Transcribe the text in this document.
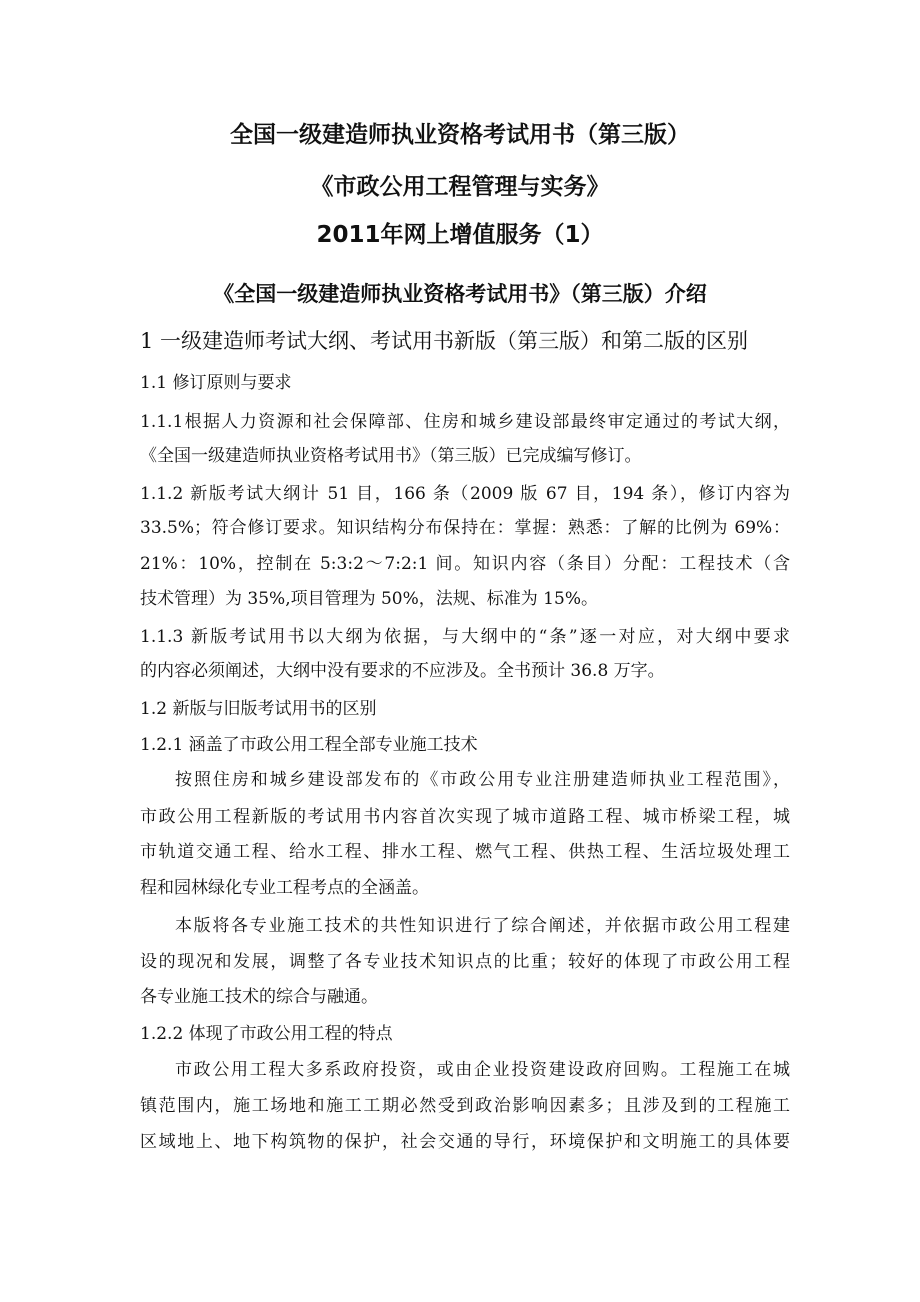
全国一级建造师执业资格考试用书（第三版）
《市政公用工程管理与实务》
2011年网上增值服务（1）
《全国一级建造师执业资格考试用书》（第三版）介绍

1 一级建造师考试大纲、考试用书新版（第三版）和第二版的区别

1.1 修订原则与要求

1.1.1根据人力资源和社会保障部、住房和城乡建设部最终审定通过的考试大纲，

《全国一级建造师执业资格考试用书》（第三版）已完成编写修订。

1.1.2 新版考试大纲计 51 目，166 条（2009 版 67 目，194 条），修订内容为

33.5%；符合修订要求。知识结构分布保持在：掌握：熟悉：了解的比例为 69%：

21%：10%，控制在 5:3:2～7:2:1 间。知识内容（条目）分配：工程技术（含

技术管理）为 35%,项目管理为 50%，法规、标准为 15%。

1.1.3 新版考试用书以大纲为依据，与大纲中的“条”逐一对应，对大纲中要求

的内容必须阐述，大纲中没有要求的不应涉及。全书预计 36.8 万字。

1.2 新版与旧版考试用书的区别

1.2.1 涵盖了市政公用工程全部专业施工技术

按照住房和城乡建设部发布的《市政公用专业注册建造师执业工程范围》，

市政公用工程新版的考试用书内容首次实现了城市道路工程、城市桥梁工程，城

市轨道交通工程、给水工程、排水工程、燃气工程、供热工程、生活垃圾处理工

程和园林绿化专业工程考点的全涵盖。

本版将各专业施工技术的共性知识进行了综合阐述，并依据市政公用工程建

设的现况和发展，调整了各专业技术知识点的比重；较好的体现了市政公用工程

各专业施工技术的综合与融通。

1.2.2 体现了市政公用工程的特点

市政公用工程大多系政府投资，或由企业投资建设政府回购。工程施工在城

镇范围内，施工场地和施工工期必然受到政治影响因素多；且涉及到的工程施工

区域地上、地下构筑物的保护，社会交通的导行，环境保护和文明施工的具体要
